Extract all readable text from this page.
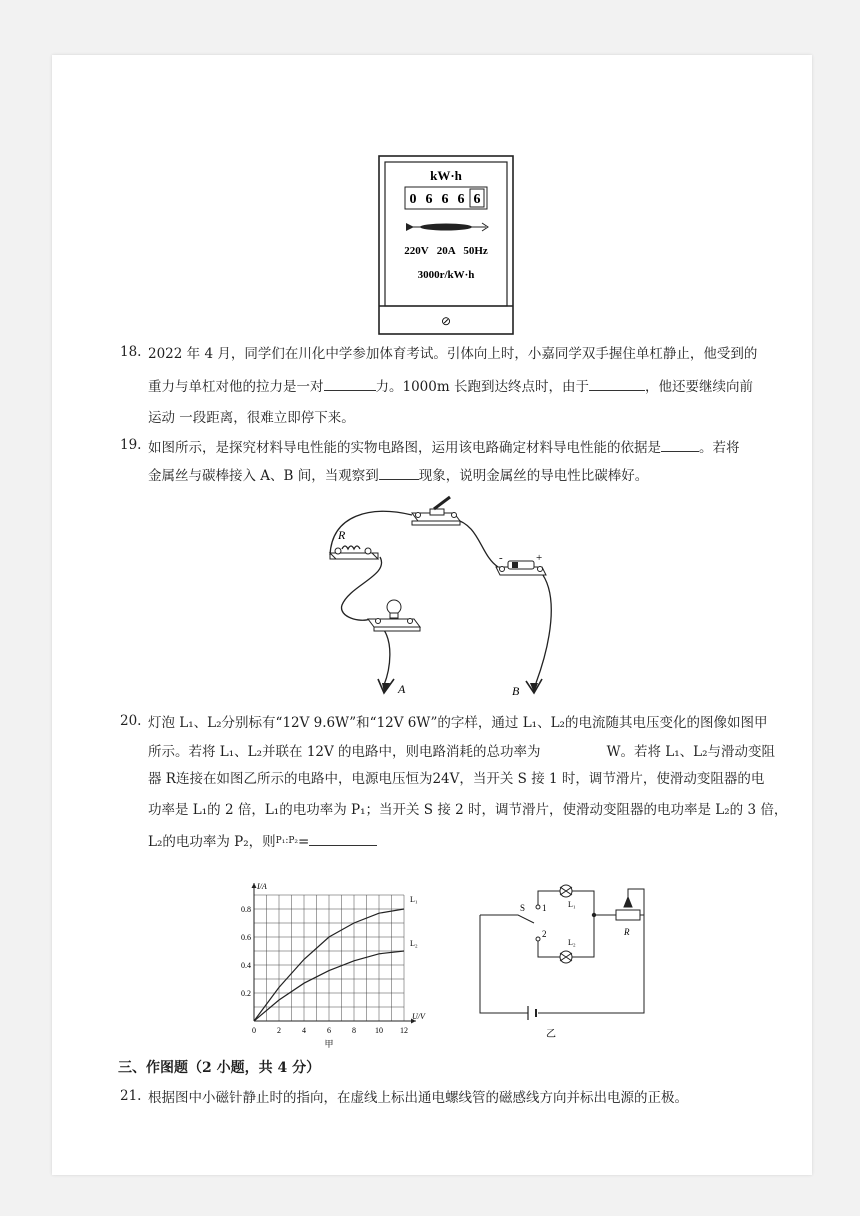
kW·h
0 6 6 6 6
220V   20A   50Hz
3000r/kW·h
⊘
18. 2022 年 4 月，同学们在川化中学参加体育考试。引体向上时，小嘉同学双手握住单杠静止，他受到的
重力与单杠对他的拉力是一对	力。1000m 长跑到达终点时，由于	，他还要继续向前
运动 一段距离，很难立即停下来。
19. 如图所示，是探究材料导电性能的实物电路图，运用该电路确定材料导电性能的依据是	。若将
金属丝与碳棒接入 A、B 间，当观察到	现象，说明金属丝的导电性比碳棒好。
R
-	+
A	B
20. 灯泡 L₁、L₂分别标有“12V 9.6W”和“12V 6W”的字样，通过 L₁、L₂的电流随其电压变化的图像如图甲
所示。若将 L₁、L₂并联在 12V 的电路中，则电路消耗的总功率为	W。若将 L₁、L₂与滑动变阻
器 R连接在如图乙所示的电路中，电源电压恒为24V，当开关 S 接 1 时，调节滑片，使滑动变阻器的电
功率是 L₁的 2 倍，L₁的电功率为 P₁；当开关 S 接 2 时，调节滑片，使滑动变阻器的电功率是 L₂的 3 倍，
L₂的电功率为 P₂，则$^{P_1:P_2}$=
0	2	4	6	8 10 12
0.2
0.4
0.6
0.8
U/V
I/A
L₁
L₂
甲
S 1
2
L₁
L₂
R
乙
三、作图题（2 小题，共 4 分）
21. 根据图中小磁针静止时的指向，在虚线上标出通电螺线管的磁感线方向并标出电源的正极。
